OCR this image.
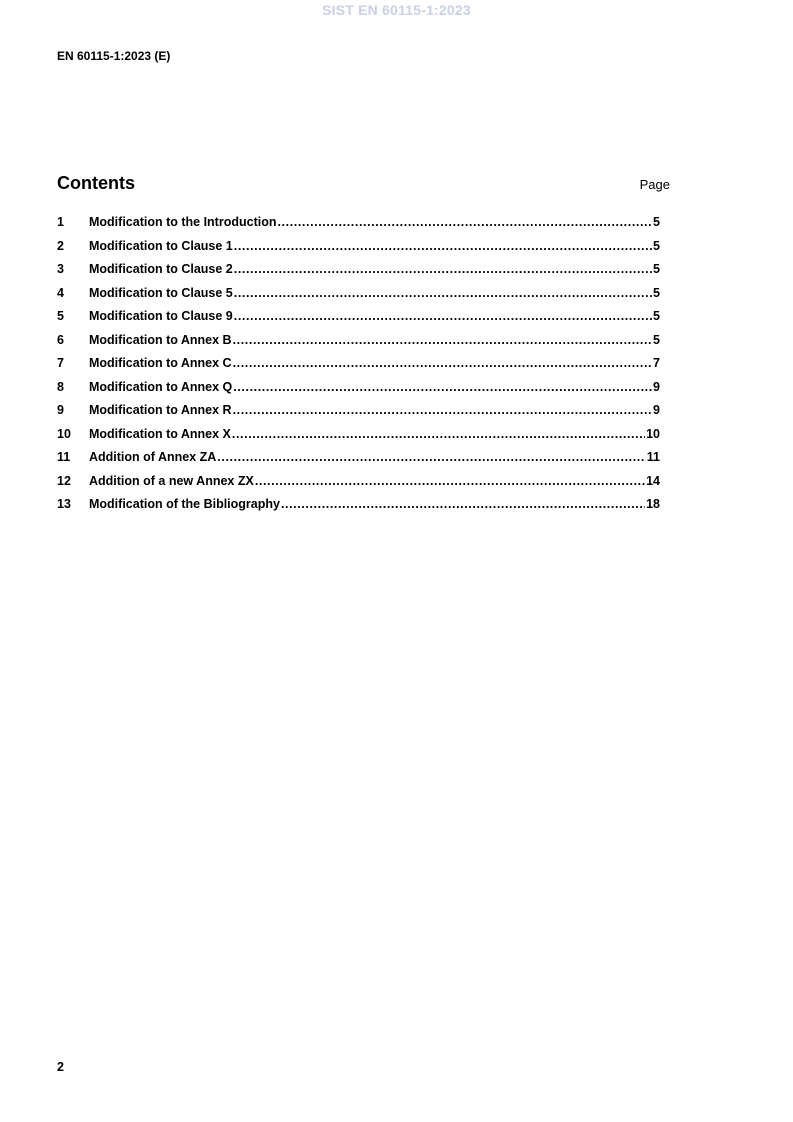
SIST EN 60115-1:2023
EN 60115-1:2023 (E)
Contents	Page
1	Modification to the Introduction .....	5
2	Modification to Clause 1 .....	5
3	Modification to Clause 2 .....	5
4	Modification to Clause 5 .....	5
5	Modification to Clause 9 .....	5
6	Modification to Annex B .....	5
7	Modification to Annex C .....	7
8	Modification to Annex Q .....	9
9	Modification to Annex R .....	9
10	Modification to Annex X .....	10
11	Addition of Annex ZA .....	11
12	Addition of a new Annex ZX .....	14
13	Modification of the Bibliography .....	18
2
